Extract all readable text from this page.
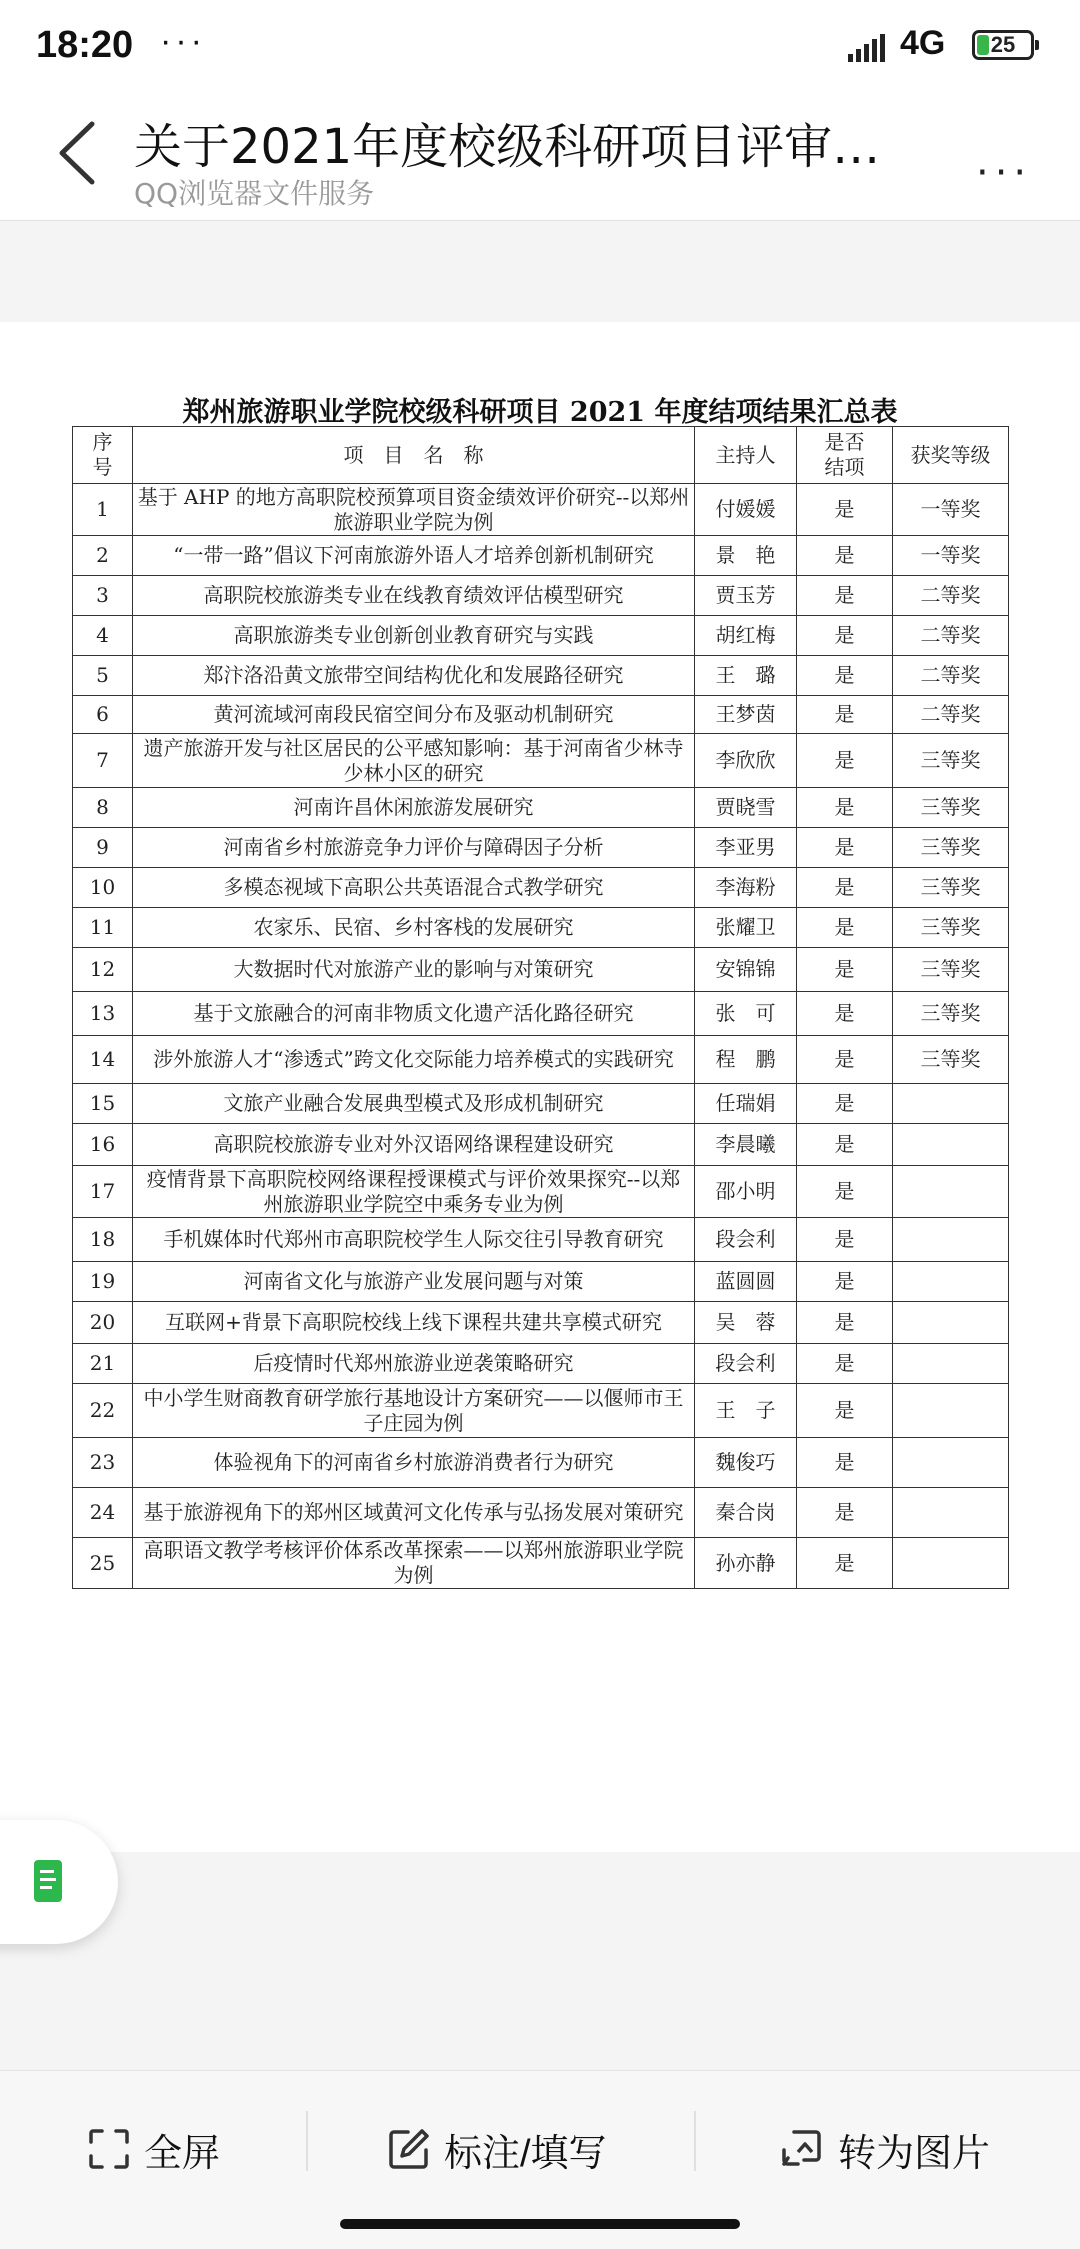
18:20 ···	4G	25
关于2021年度校级科研项目评审…
QQ浏览器文件服务	···
郑州旅游职业学院校级科研项目 2021 年度结项结果汇总表
序号	项　目　名　称	主持人	是否结项	获奖等级
1	基于 AHP 的地方高职院校预算项目资金绩效评价研究--以郑州旅游职业学院为例	付媛媛	是	一等奖
2	“一带一路”倡议下河南旅游外语人才培养创新机制研究	景　艳	是	一等奖
3	高职院校旅游类专业在线教育绩效评估模型研究	贾玉芳	是	二等奖
4	高职旅游类专业创新创业教育研究与实践	胡红梅	是	二等奖
5	郑汴洛沿黄文旅带空间结构优化和发展路径研究	王　璐	是	二等奖
6	黄河流域河南段民宿空间分布及驱动机制研究	王梦茵	是	二等奖
7	遗产旅游开发与社区居民的公平感知影响：基于河南省少林寺少林小区的研究	李欣欣	是	三等奖
8	河南许昌休闲旅游发展研究	贾晓雪	是	三等奖
9	河南省乡村旅游竞争力评价与障碍因子分析	李亚男	是	三等奖
10	多模态视域下高职公共英语混合式教学研究	李海粉	是	三等奖
11	农家乐、民宿、乡村客栈的发展研究	张耀卫	是	三等奖
12	大数据时代对旅游产业的影响与对策研究	安锦锦	是	三等奖
13	基于文旅融合的河南非物质文化遗产活化路径研究	张　可	是	三等奖
14	涉外旅游人才“渗透式”跨文化交际能力培养模式的实践研究	程　鹏	是	三等奖
15	文旅产业融合发展典型模式及形成机制研究	任瑞娟	是	
16	高职院校旅游专业对外汉语网络课程建设研究	李晨曦	是	
17	疫情背景下高职院校网络课程授课模式与评价效果探究--以郑州旅游职业学院空中乘务专业为例	邵小明	是	
18	手机媒体时代郑州市高职院校学生人际交往引导教育研究	段会利	是	
19	河南省文化与旅游产业发展问题与对策	蓝圆圆	是	
20	互联网+背景下高职院校线上线下课程共建共享模式研究	吴　蓉	是	
21	后疫情时代郑州旅游业逆袭策略研究	段会利	是	
22	中小学生财商教育研学旅行基地设计方案研究——以偃师市王子庄园为例	王　子	是	
23	体验视角下的河南省乡村旅游消费者行为研究	魏俊巧	是	
24	基于旅游视角下的郑州区域黄河文化传承与弘扬发展对策研究	秦合岗	是	
25	高职语文教学考核评价体系改革探索——以郑州旅游职业学院为例	孙亦静	是	
全屏	标注/填写	转为图片
